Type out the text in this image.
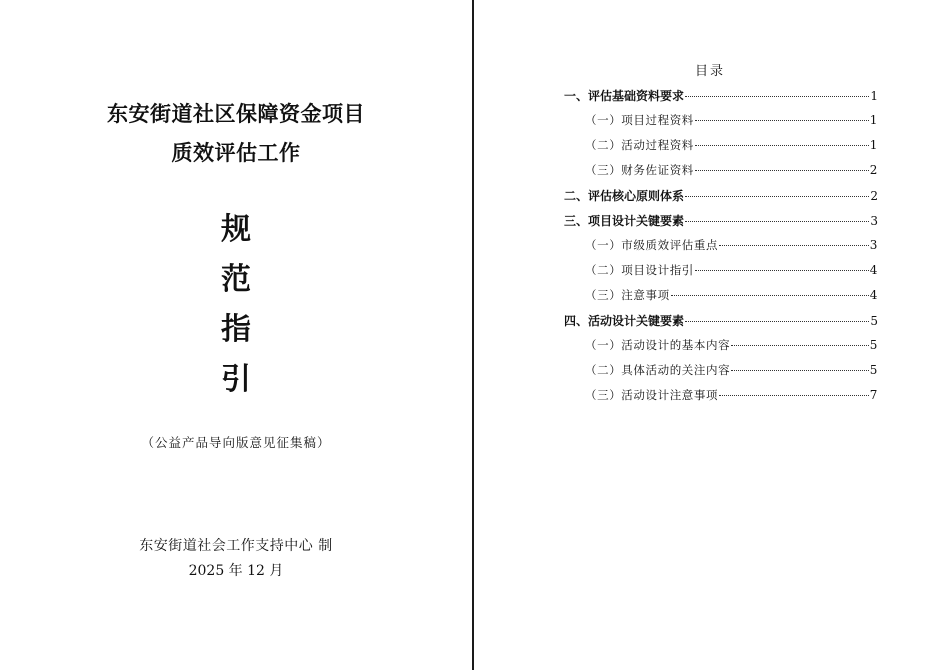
东安街道社区保障资金项目
质效评估工作
规
范
指
引
（公益产品导向版意见征集稿）
东安街道社会工作支持中心 制
2025 年 12 月
目录
一、评估基础资料要求	1
（一）项目过程资料	1
（二）活动过程资料	1
（三）财务佐证资料	2
二、评估核心原则体系	2
三、项目设计关键要素	3
（一）市级质效评估重点	3
（二）项目设计指引	4
（三）注意事项	4
四、活动设计关键要素	5
（一）活动设计的基本内容	5
（二）具体活动的关注内容	5
（三）活动设计注意事项	7
